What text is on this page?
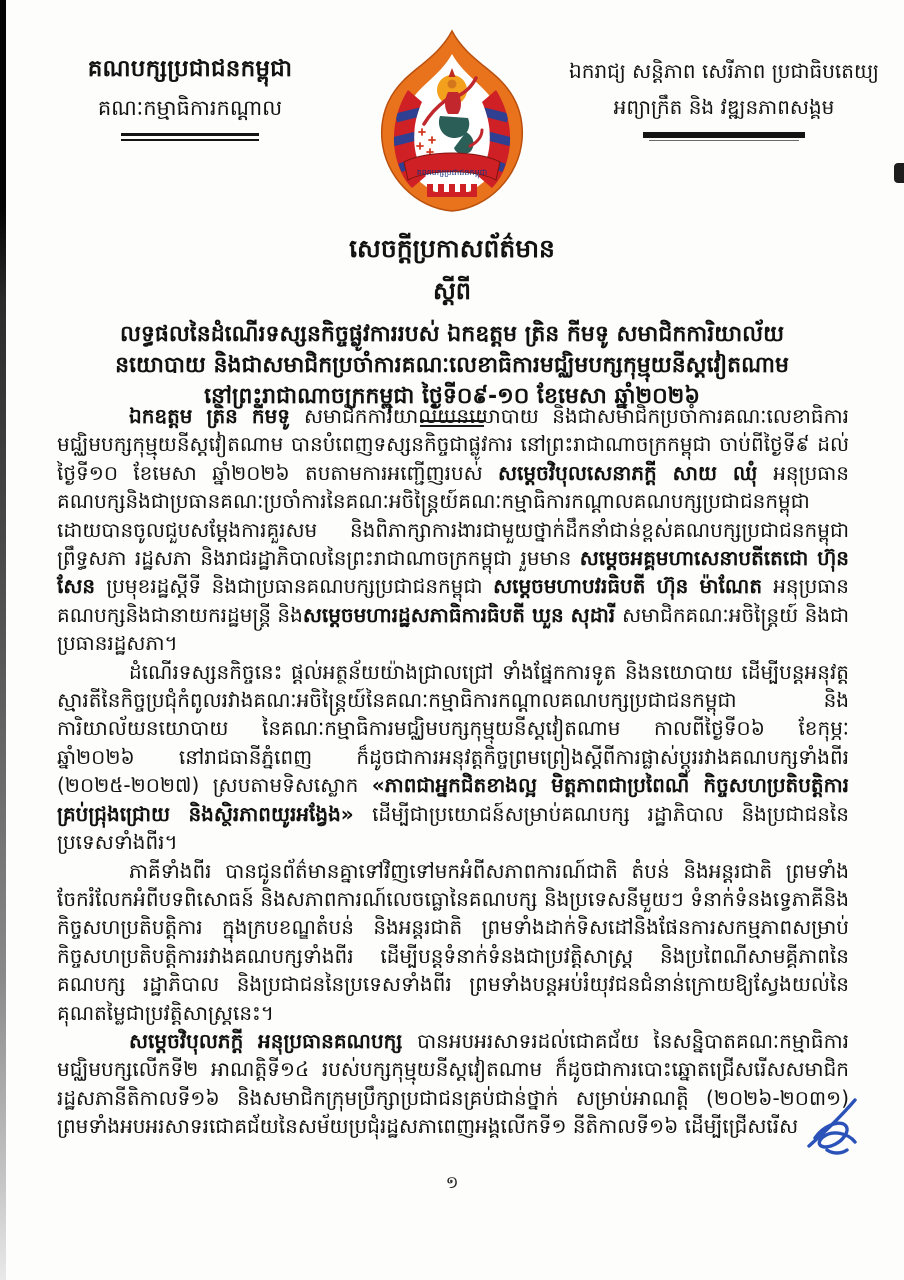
គណបក្សប្រជាជនកម្ពុជា
គណៈកម្មាធិការកណ្តាល
គណបក្សប្រជាជនកម្ពុជា
ឯករាជ្យ សន្តិភាព សេរីភាព ប្រជាធិបតេយ្យ
អព្យាក្រឹត និង វឌ្ឍនភាពសង្គម
សេចក្តីប្រកាសព័ត៌មាន
ស្តីពី
លទ្ធផលនៃដំណើរទស្សនកិច្ចផ្លូវការរបស់ ឯកឧត្តម ត្រិន កីមទូ សមាជិកការិយាល័យ
នយោបាយ និងជាសមាជិកប្រចាំការគណៈលេខាធិការមជ្ឈិមបក្សកុម្មុយនីស្តវៀតណាម
នៅព្រះរាជាណាចក្រកម្ពុជា ថ្ងៃទី០៩-១០ ខែមេសា ឆ្នាំ២០២៦

ឯកឧត្តម ត្រិន កីមទូ សមាជិកការិយាល័យនយោបាយ និងជាសមាជិកប្រចាំការគណៈលេខាធិការមជ្ឈិមបក្សកុម្មុយនីស្តវៀតណាម បានបំពេញទស្សនកិច្ចជាផ្លូវការ នៅព្រះរាជាណាចក្រកម្ពុជា ចាប់ពីថ្ងៃទី៩ ដល់ថ្ងៃទី១០ ខែមេសា ឆ្នាំ២០២៦ តបតាមការអញ្ជើញរបស់ សម្តេចវិបុលសេនាភក្តី សាយ ឈុំ អនុប្រធានគណបក្សនិងជាប្រធានគណៈប្រចាំការនៃគណៈអចិន្ត្រៃយ៍គណៈកម្មាធិការកណ្តាលគណបក្សប្រជាជនកម្ពុជា ដោយបានចូលជួបសម្តែងការគួរសម និងពិភាក្សាការងារជាមួយថ្នាក់ដឹកនាំជាន់ខ្ពស់គណបក្សប្រជាជនកម្ពុជា ព្រឹទ្ធសភា រដ្ឋសភា និងរាជរដ្ឋាភិបាលនៃព្រះរាជាណាចក្រកម្ពុជា រួមមាន សម្តេចអគ្គមហាសេនាបតីតេជោ ហ៊ុន សែន ប្រមុខរដ្ឋស្តីទី និងជាប្រធានគណបក្សប្រជាជនកម្ពុជា សម្តេចមហាបវរធិបតី ហ៊ុន ម៉ាណែត អនុប្រធានគណបក្សនិងជានាយករដ្ឋមន្ត្រី និងសម្តេចមហារដ្ឋសភាធិការធិបតី ឃួន សុដារី សមាជិកគណៈអចិន្ត្រៃយ៍ និងជាប្រធានរដ្ឋសភា។

ដំណើរទស្សនកិច្ចនេះ ផ្តល់អត្ថន័យយ៉ាងជ្រាលជ្រៅ ទាំងផ្នែកការទូត និងនយោបាយ ដើម្បីបន្តអនុវត្តស្មារតីនៃកិច្ចប្រជុំកំពូលរវាងគណៈអចិន្ត្រៃយ៍នៃគណៈកម្មាធិការកណ្តាលគណបក្សប្រជាជនកម្ពុជា និងការិយាល័យនយោបាយ នៃគណៈកម្មាធិការមជ្ឈិមបក្សកុម្មុយនីស្តវៀតណាម កាលពីថ្ងៃទី០៦ ខែកុម្ភៈ ឆ្នាំ២០២៦ នៅរាជធានីភ្នំពេញ ក៏ដូចជាការអនុវត្តកិច្ចព្រមព្រៀងស្តីពីការផ្លាស់ប្តូររវាងគណបក្សទាំងពីរ (២០២៥-២០២៧) ស្របតាមទិសស្លោក «ភាពជាអ្នកជិតខាងល្អ មិត្តភាពជាប្រពៃណី កិច្ចសហប្រតិបត្តិការគ្រប់ជ្រុងជ្រោយ និងស្ថិរភាពយូរអង្វែង» ដើម្បីជាប្រយោជន៍សម្រាប់គណបក្ស រដ្ឋាភិបាល និងប្រជាជននៃប្រទេសទាំងពីរ។

ភាគីទាំងពីរ បានជូនព័ត៌មានគ្នាទៅវិញទៅមកអំពីសភាពការណ៍ជាតិ តំបន់ និងអន្តរជាតិ ព្រមទាំងចែករំលែកអំពីបទពិសោធន៍ និងសភាពការណ៍លេចធ្លោនៃគណបក្ស និងប្រទេសនីមួយៗ ទំនាក់ទំនងទ្វេភាគីនិងកិច្ចសហប្រតិបត្តិការ ក្នុងក្របខណ្ឌតំបន់ និងអន្តរជាតិ ព្រមទាំងដាក់ទិសដៅនិងផែនការសកម្មភាពសម្រាប់កិច្ចសហប្រតិបត្តិការរវាងគណបក្សទាំងពីរ ដើម្បីបន្តទំនាក់ទំនងជាប្រវត្តិសាស្ត្រ និងប្រពៃណីសាមគ្គីភាពនៃគណបក្ស រដ្ឋាភិបាល និងប្រជាជននៃប្រទេសទាំងពីរ ព្រមទាំងបន្តអប់រំយុវជនជំនាន់ក្រោយឱ្យស្វែងយល់នៃគុណតម្លៃជាប្រវត្តិសាស្ត្រនេះ។

សម្តេចវិបុលភក្តី អនុប្រធានគណបក្ស បានអបអរសាទរដល់ជោគជ័យ នៃសន្និបាតគណៈកម្មាធិការមជ្ឈិមបក្សលើកទី២ អាណត្តិទី១៤ របស់បក្សកុម្មុយនីស្តវៀតណាម ក៏ដូចជាការបោះឆ្នោតជ្រើសរើសសមាជិករដ្ឋសភានីតិកាលទី១៦ និងសមាជិកក្រុមប្រឹក្សាប្រជាជនគ្រប់ជាន់ថ្នាក់ សម្រាប់អាណត្តិ (២០២៦-២០៣១) ព្រមទាំងអបអរសាទរជោគជ័យនៃសម័យប្រជុំរដ្ឋសភាពេញអង្គលើកទី១ នីតិកាលទី១៦ ដើម្បីជ្រើសរើស

១
